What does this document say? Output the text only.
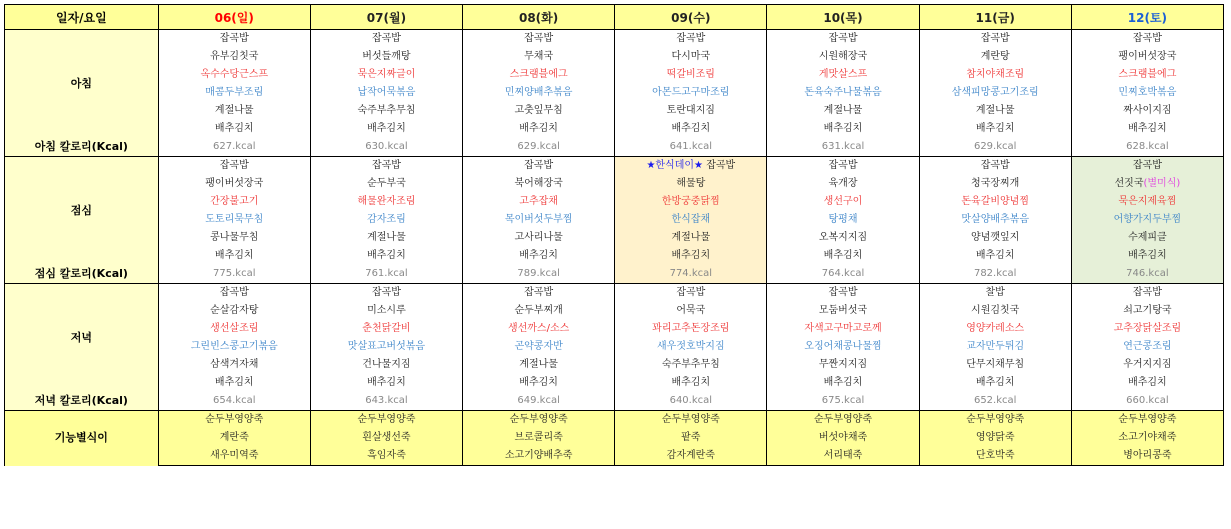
일자/요일	06(일)	07(월)	08(화)	09(수)	10(목)	11(금)	12(토)
아침	잡곡밥	잡곡밥	잡곡밥	잡곡밥	잡곡밥	잡곡밥	잡곡밥
	유부김칫국	버섯들깨탕	무채국	다시마국	시원해장국	계란탕	팽이버섯장국
	옥수수당근스프	묵은지짜글이	스크램블에그	떡갈비조림	게맛살스프	참치야채조림	스크램블에그
	매콤두부조림	납작어묵볶음	민찌양배추볶음	아몬드고구마조림	돈육숙주나물볶음	삼색피망콩고기조림	민찌호박볶음
	계절나물	숙주부추무침	고춧잎무침	토란대지짐	계절나물	계절나물	짜사이지짐
	배추김치	배추김치	배추김치	배추김치	배추김치	배추김치	배추김치
아침 칼로리(Kcal)	627.kcal	630.kcal	629.kcal	641.kcal	631.kcal	629.kcal	628.kcal
점심	잡곡밥	잡곡밥	잡곡밥	★한식데이★ 잡곡밥	잡곡밥	잡곡밥	잡곡밥
	팽이버섯장국	순두부국	북어해장국	해물탕	육개장	청국장찌개	선짓국(별미식)
	간장불고기	해물완자조림	고추잡채	한방궁중닭찜	생선구이	돈육갈비양념찜	묵은지제육찜
	도토리묵무침	감자조림	목이버섯두부찜	한식잡채	탕평채	맛살양배추볶음	어향가지두부찜
	콩나물무침	계절나물	고사리나물	계절나물	오복지지짐	양념깻잎지	수제피클
	배추김치	배추김치	배추김치	배추김치	배추김치	배추김치	배추김치
점심 칼로리(Kcal)	775.kcal	761.kcal	789.kcal	774.kcal	764.kcal	782.kcal	746.kcal
저녁	잡곡밥	잡곡밥	잡곡밥	잡곡밥	잡곡밥	찰밥	잡곡밥
	순살감자탕	미소시루	순두부찌개	어묵국	모둠버섯국	시원김칫국	쇠고기탕국
	생선살조림	춘천닭갈비	생선까스/소스	꽈리고추돈장조림	자색고구마고로께	영양카레소스	고추장닭살조림
	그린빈스콩고기볶음	맛살표고버섯볶음	곤약콩자반	새우젓호박지짐	오징어채콩나물찜	교자만두튀김	연근콩조림
	삼색겨자채	건나물지짐	계절나물	숙주부추무침	무짠지지짐	단무지채무침	우거지지짐
	배추김치	배추김치	배추김치	배추김치	배추김치	배추김치	배추김치
저녁 칼로리(Kcal)	654.kcal	643.kcal	649.kcal	640.kcal	675.kcal	652.kcal	660.kcal
기능별식이	순두부영양죽	순두부영양죽	순두부영양죽	순두부영양죽	순두부영양죽	순두부영양죽	순두부영양죽
	계란죽	흰살생선죽	브로콜리죽	팥죽	버섯야채죽	영양닭죽	소고기야채죽
	새우미역죽	흑임자죽	소고기양배추죽	감자계란죽	서리태죽	단호박죽	병아리콩죽
